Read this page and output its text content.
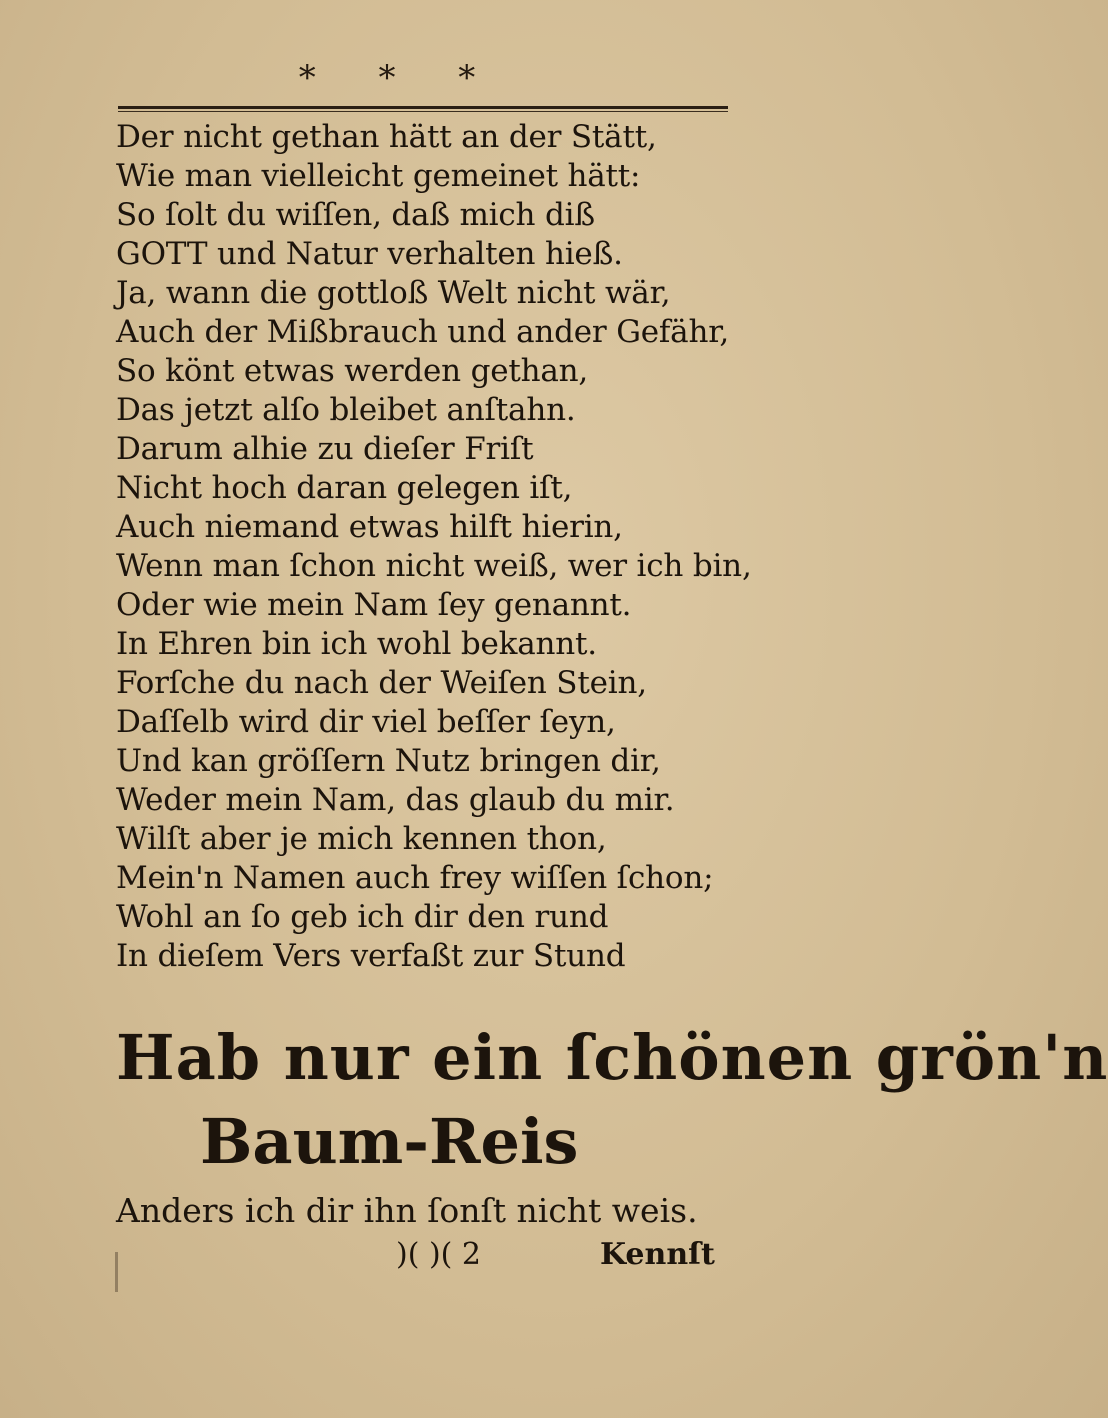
* * *
Der nicht gethan hätt an der Stätt,
Wie man vielleicht gemeinet hätt:
So ſolt du wiſſen, daß mich diß
GOTT und Natur verhalten hieß.
Ja, wann die gottloß Welt nicht wär,
Auch der Mißbrauch und ander Gefähr,
So könt etwas werden gethan,
Das jetzt alſo bleibet anſtahn.
Darum alhie zu dieſer Friſt
Nicht hoch daran gelegen iſt,
Auch niemand etwas hilft hierin,
Wenn man ſchon nicht weiß, wer ich bin,
Oder wie mein Nam ſey genannt.
In Ehren bin ich wohl bekannt.
Forſche du nach der Weiſen Stein,
Daſſelb wird dir viel beſſer ſeyn,
Und kan gröſſern Nutz bringen dir,
Weder mein Nam, das glaub du mir.
Wilſt aber je mich kennen thon,
Mein'n Namen auch frey wiſſen ſchon;
Wohl an ſo geb ich dir den rund
In dieſem Vers verfaßt zur Stund
Hab nur ein ſchönen grön'n
Baum-Reis
Anders ich dir ihn ſonſt nicht weis.
)( )( 2	Kennſt
